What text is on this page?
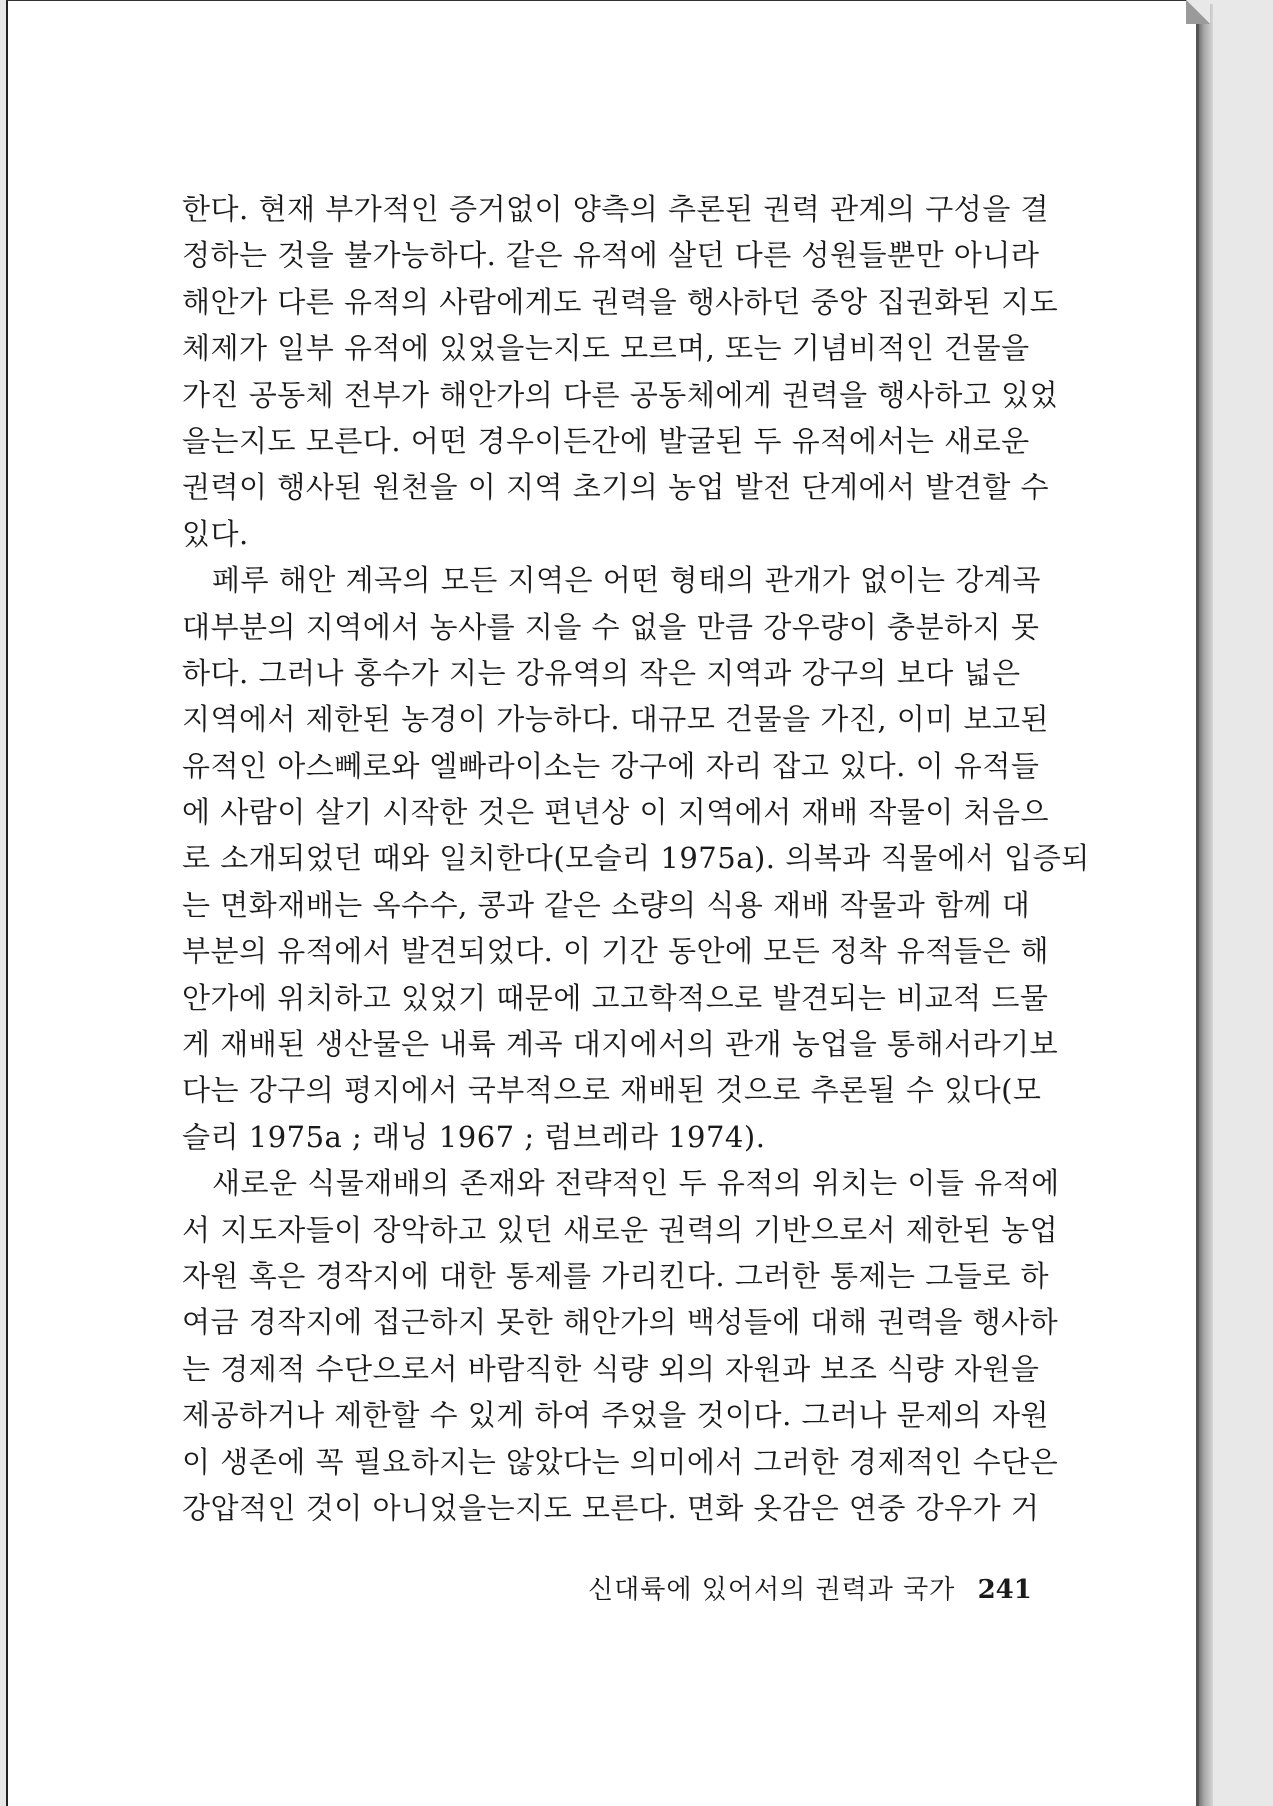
한다. 현재 부가적인 증거없이 양측의 추론된 권력 관계의 구성을 결
정하는 것을 불가능하다. 같은 유적에 살던 다른 성원들뿐만 아니라
해안가 다른 유적의 사람에게도 권력을 행사하던 중앙 집권화된 지도
체제가 일부 유적에 있었을는지도 모르며, 또는 기념비적인 건물을
가진 공동체 전부가 해안가의 다른 공동체에게 권력을 행사하고 있었
을는지도 모른다. 어떤 경우이든간에 발굴된 두 유적에서는 새로운
권력이 행사된 원천을 이 지역 초기의 농업 발전 단계에서 발견할 수
있다.
페루 해안 계곡의 모든 지역은 어떤 형태의 관개가 없이는 강계곡
대부분의 지역에서 농사를 지을 수 없을 만큼 강우량이 충분하지 못
하다. 그러나 홍수가 지는 강유역의 작은 지역과 강구의 보다 넓은
지역에서 제한된 농경이 가능하다. 대규모 건물을 가진, 이미 보고된
유적인 아스뻬로와 엘빠라이소는 강구에 자리 잡고 있다. 이 유적들
에 사람이 살기 시작한 것은 편년상 이 지역에서 재배 작물이 처음으
로 소개되었던 때와 일치한다(모슬리 1975a). 의복과 직물에서 입증되
는 면화재배는 옥수수, 콩과 같은 소량의 식용 재배 작물과 함께 대
부분의 유적에서 발견되었다. 이 기간 동안에 모든 정착 유적들은 해
안가에 위치하고 있었기 때문에 고고학적으로 발견되는 비교적 드물
게 재배된 생산물은 내륙 계곡 대지에서의 관개 농업을 통해서라기보
다는 강구의 평지에서 국부적으로 재배된 것으로 추론될 수 있다(모
슬리 1975a ; 래닝 1967 ; 럼브레라 1974).
새로운 식물재배의 존재와 전략적인 두 유적의 위치는 이들 유적에
서 지도자들이 장악하고 있던 새로운 권력의 기반으로서 제한된 농업
자원 혹은 경작지에 대한 통제를 가리킨다. 그러한 통제는 그들로 하
여금 경작지에 접근하지 못한 해안가의 백성들에 대해 권력을 행사하
는 경제적 수단으로서 바람직한 식량 외의 자원과 보조 식량 자원을
제공하거나 제한할 수 있게 하여 주었을 것이다. 그러나 문제의 자원
이 생존에 꼭 필요하지는 않았다는 의미에서 그러한 경제적인 수단은
강압적인 것이 아니었을는지도 모른다. 면화 옷감은 연중 강우가 거
신대륙에 있어서의 권력과 국가 241
